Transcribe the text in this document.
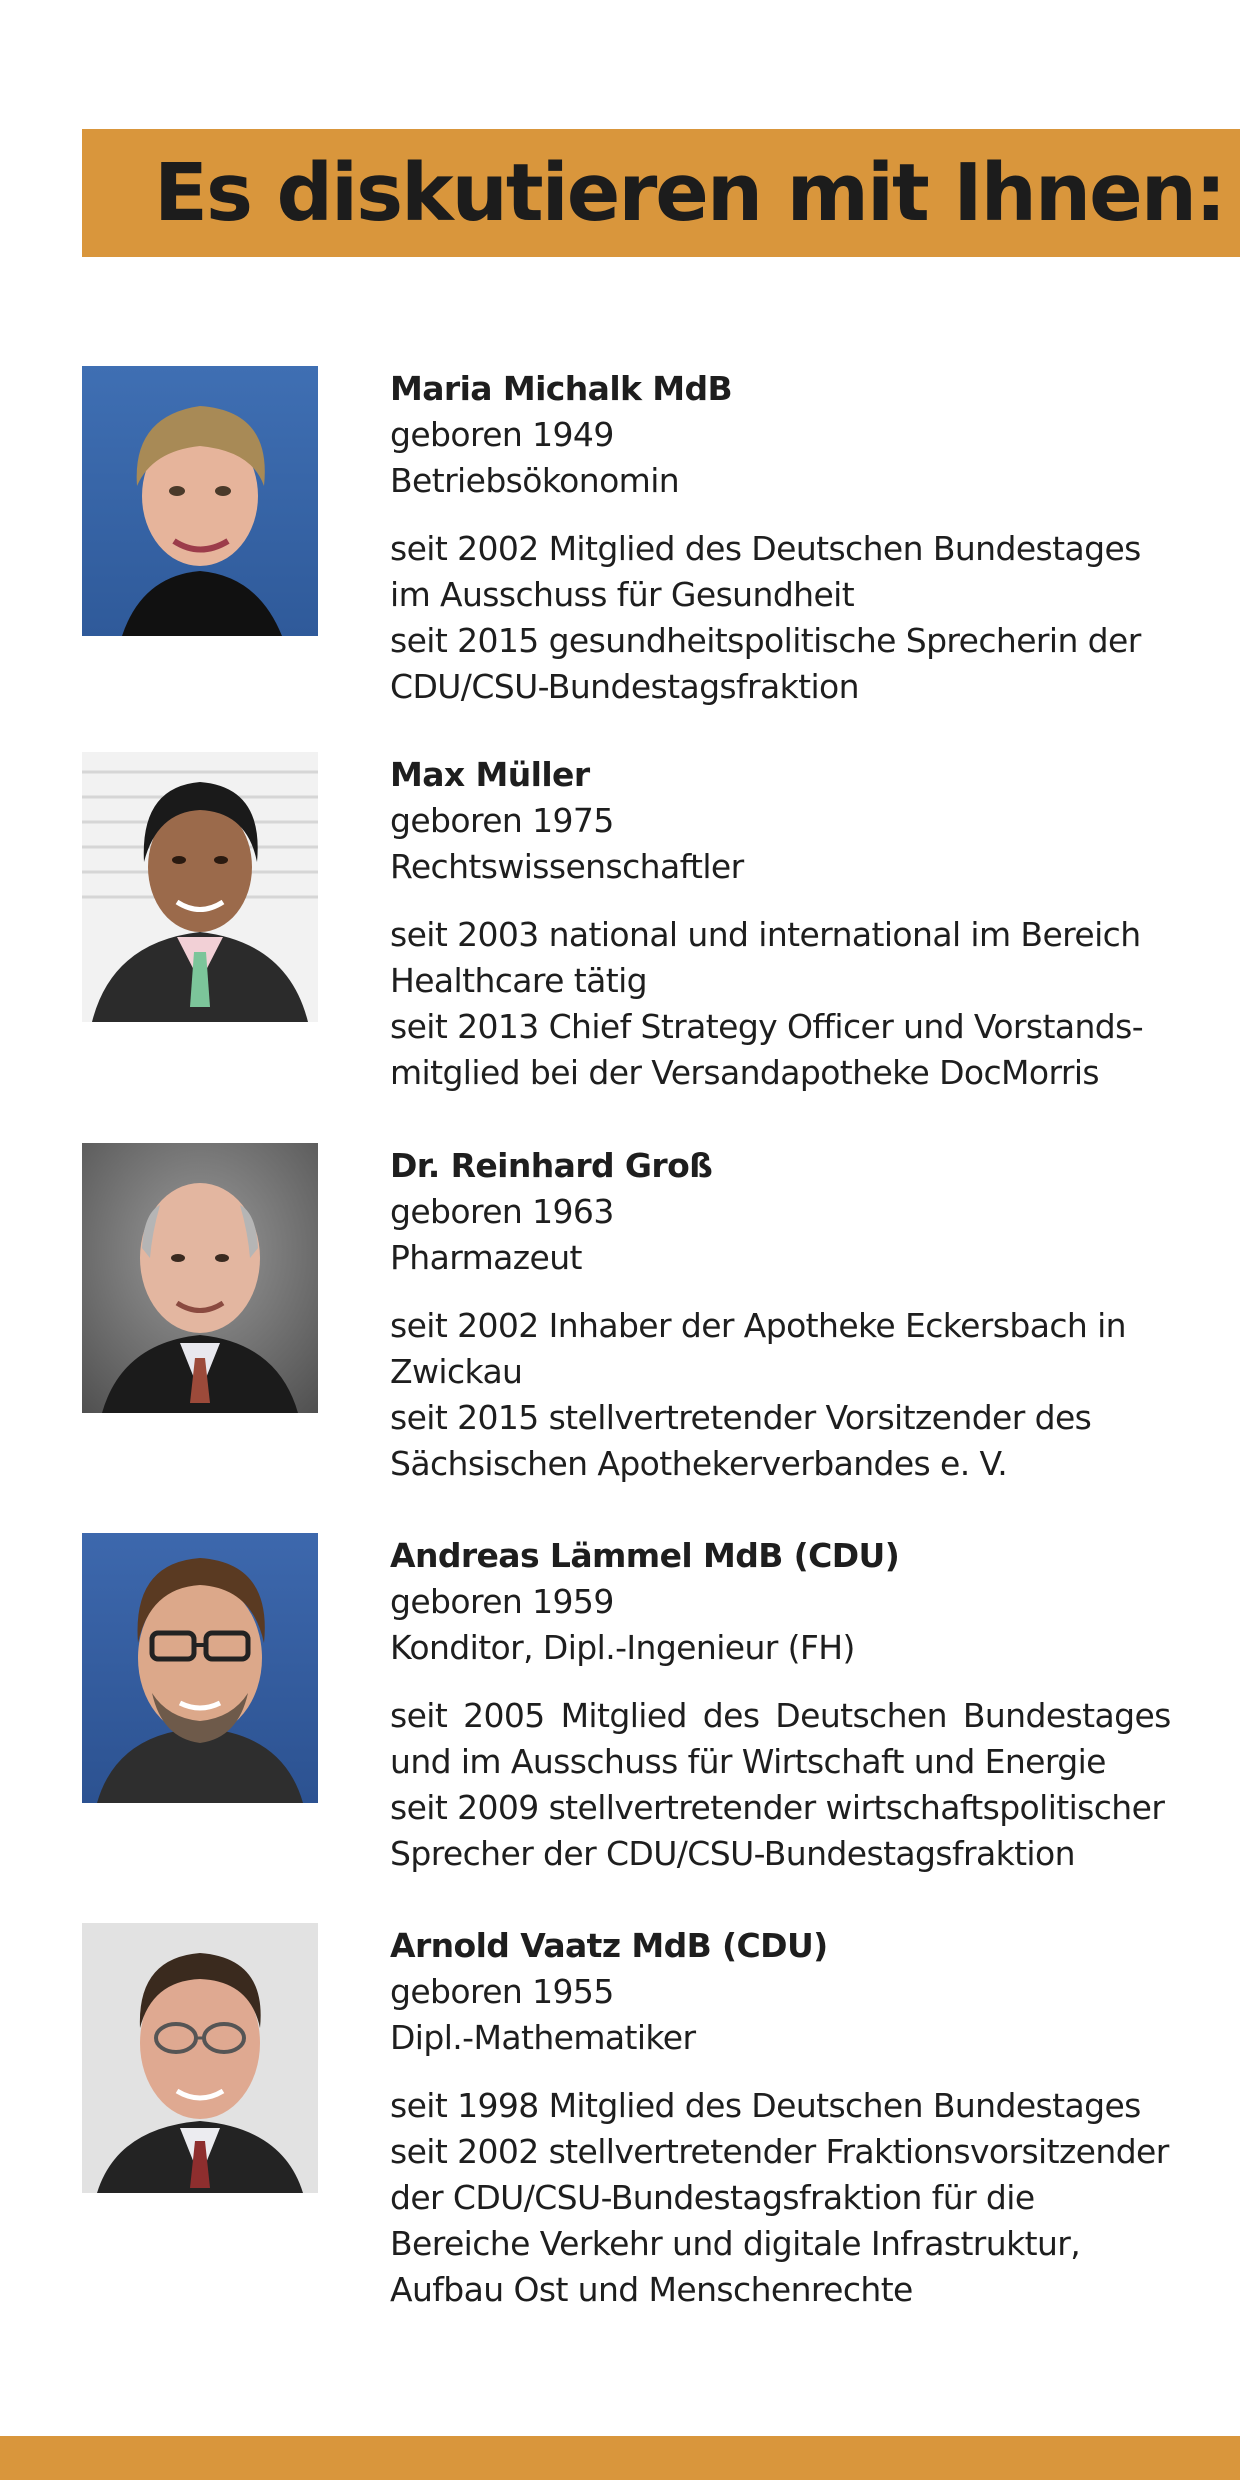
Es diskutieren mit Ihnen:
Maria Michalk MdB
geboren 1949
Betriebsökonomin
seit 2002 Mitglied des Deutschen Bundestages
im Ausschuss für Gesundheit
seit 2015 gesundheitspolitische Sprecherin der
CDU/CSU-Bundestagsfraktion
Max Müller
geboren 1975
Rechtswissenschaftler
seit 2003 national und international im Bereich
Healthcare tätig
seit 2013 Chief Strategy Officer und Vorstands-
mitglied bei der Versandapotheke DocMorris
Dr. Reinhard Groß
geboren 1963
Pharmazeut
seit 2002 Inhaber der Apotheke Eckersbach in
Zwickau
seit 2015 stellvertretender Vorsitzender des
Sächsischen Apothekerverbandes e. V.
Andreas Lämmel MdB (CDU)
geboren 1959
Konditor, Dipl.-Ingenieur (FH)
seit 2005 Mitglied des Deutschen Bundestages
und im Ausschuss für Wirtschaft und Energie
seit 2009 stellvertretender wirtschaftspolitischer
Sprecher der CDU/CSU-Bundestagsfraktion
Arnold Vaatz MdB (CDU)
geboren 1955
Dipl.-Mathematiker
seit 1998 Mitglied des Deutschen Bundestages
seit 2002 stellvertretender Fraktionsvorsitzender
der CDU/CSU-Bundestagsfraktion für die
Bereiche Verkehr und digitale Infrastruktur,
Aufbau Ost und Menschenrechte
